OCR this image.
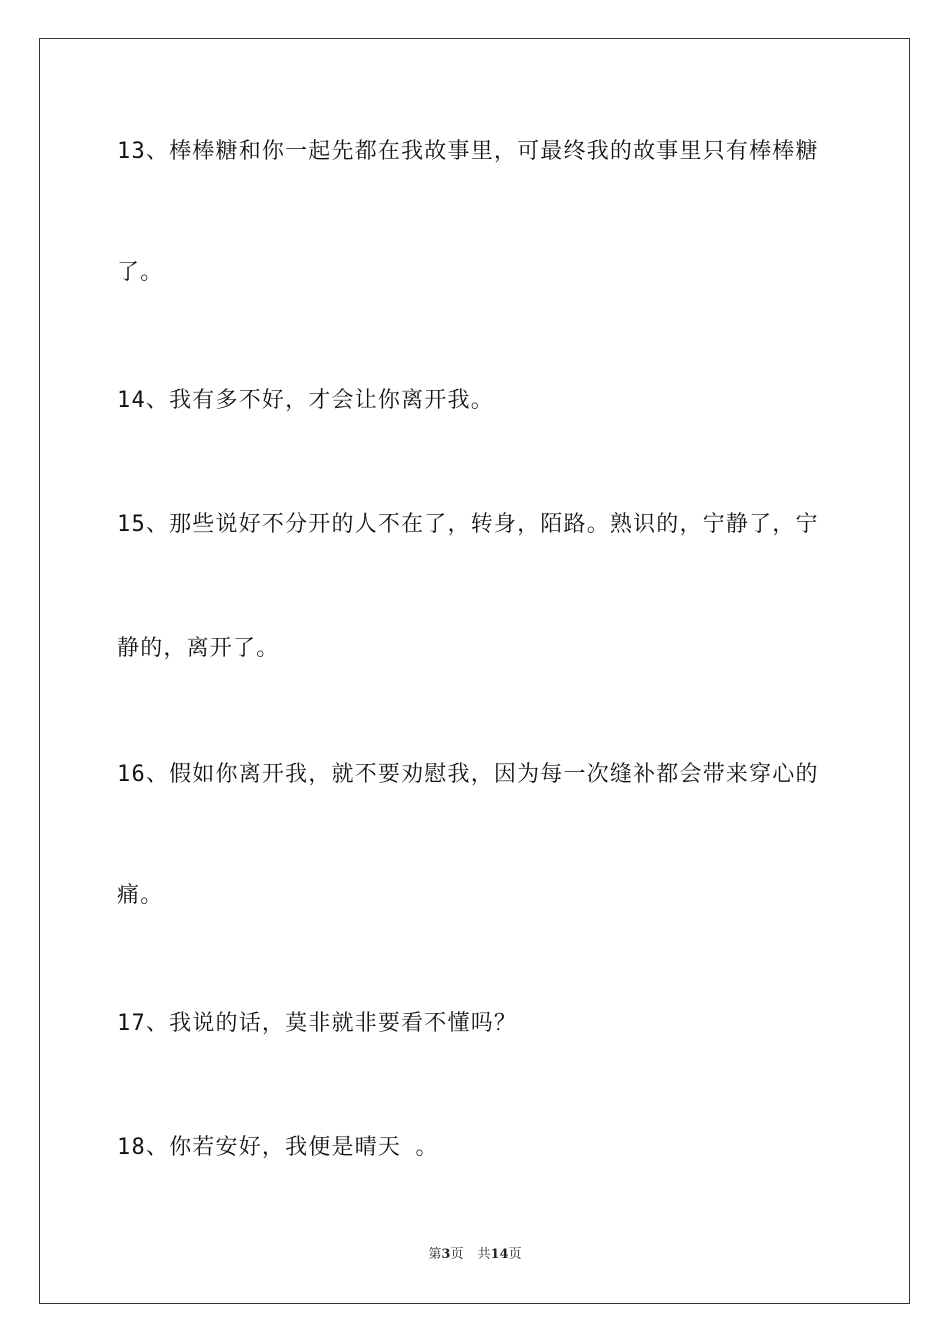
13、棒棒糖和你一起先都在我故事里，可最终我的故事里只有棒棒糖
了。
14、我有多不好，才会让你离开我。
15、那些说好不分开的人不在了，转身，陌路。熟识的，宁静了，宁
静的，离开了。
16、假如你离开我，就不要劝慰我，因为每一次缝补都会带来穿心的
痛。
17、我说的话，莫非就非要看不懂吗？
18、你若安好，我便是晴天 。
第3页 共14页
